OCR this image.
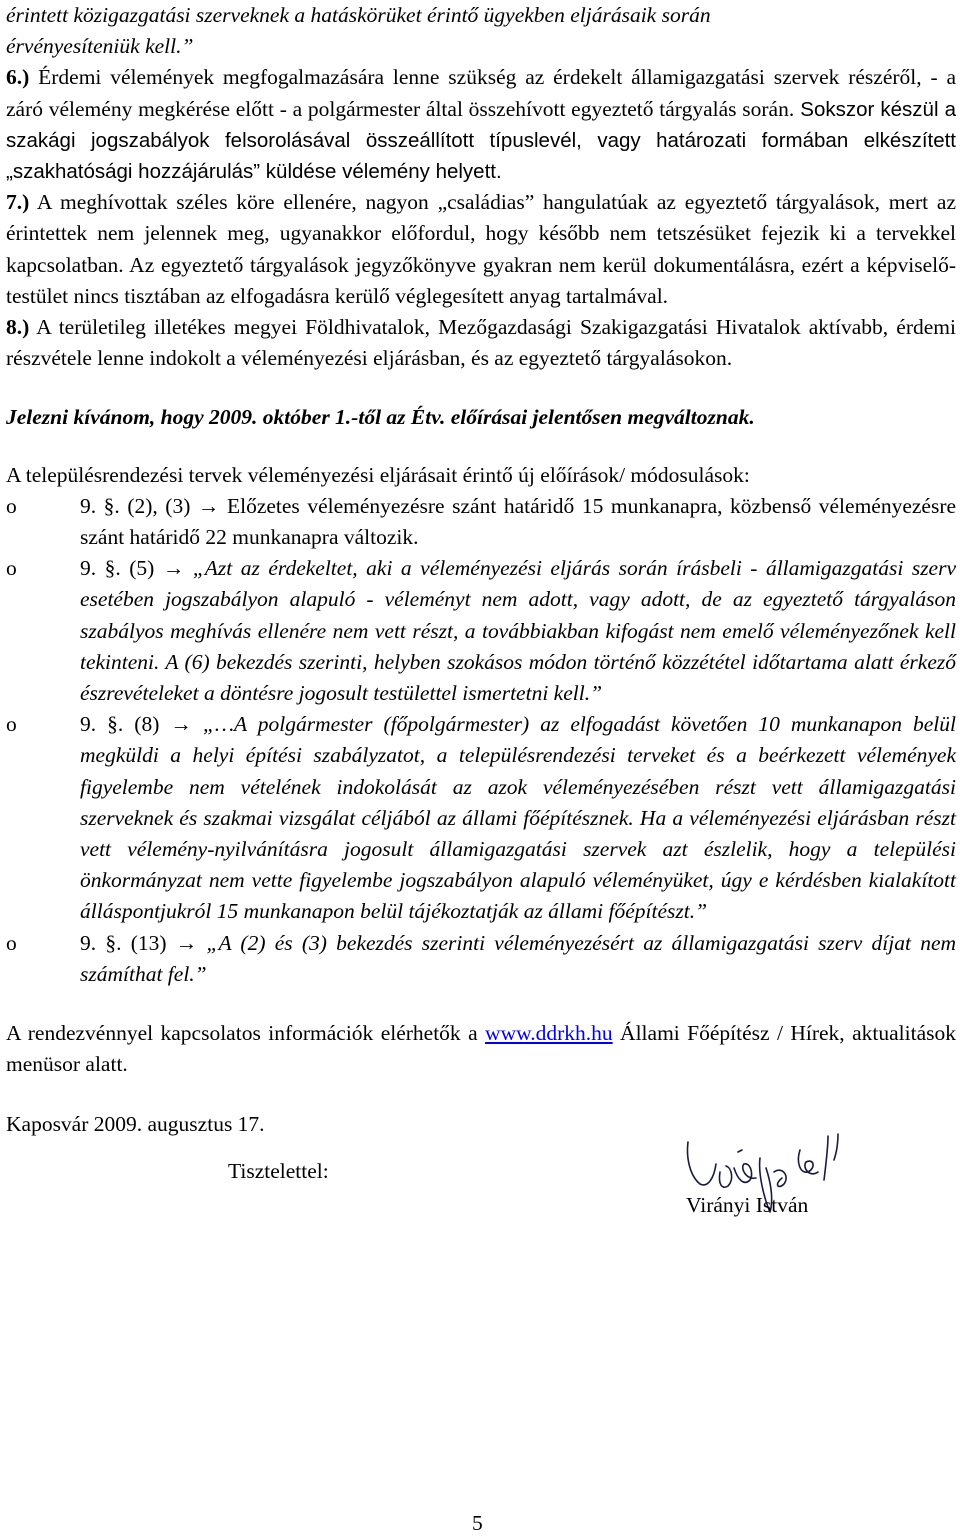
érintett közigazgatási szerveknek a hatáskörüket érintő ügyekben eljárásaik során
érvényesíteniük kell.”

6.) Érdemi vélemények megfogalmazására lenne szükség az érdekelt államigazgatási szervek részéről, - a záró vélemény megkérése előtt - a polgármester által összehívott egyeztető tárgyalás során. Sokszor készül a szakági jogszabályok felsorolásával összeállított típuslevél, vagy határozati formában elkészített „szakhatósági hozzájárulás” küldése vélemény helyett.

7.) A meghívottak széles köre ellenére, nagyon „családias” hangulatúak az egyeztető tárgyalások, mert az érintettek nem jelennek meg, ugyanakkor előfordul, hogy később nem tetszésüket fejezik ki a tervekkel kapcsolatban. Az egyeztető tárgyalások jegyzőkönyve gyakran nem kerül dokumentálásra, ezért a képviselő- testület nincs tisztában az elfogadásra kerülő véglegesített anyag tartalmával.

8.) A területileg illetékes megyei Földhivatalok, Mezőgazdasági Szakigazgatási Hivatalok aktívabb, érdemi részvétele lenne indokolt a véleményezési eljárásban, és az egyeztető tárgyalásokon.

Jelezni kívánom, hogy 2009. október 1.-től az Étv. előírásai jelentősen megváltoznak.

A településrendezési tervek véleményezési eljárásait érintő új előírások/ módosulások:

o	9. §. (2), (3) → Előzetes véleményezésre szánt határidő 15 munkanapra, közbenső véleményezésre szánt határidő 22 munkanapra változik.

o	9. §. (5) → „Azt az érdekeltet, aki a véleményezési eljárás során írásbeli - államigazgatási szerv esetében jogszabályon alapuló - véleményt nem adott, vagy adott, de az egyeztető tárgyaláson szabályos meghívás ellenére nem vett részt, a továbbiakban kifogást nem emelő véleményezőnek kell tekinteni. A (6) bekezdés szerinti, helyben szokásos módon történő közzététel időtartama alatt érkező észrevételeket a döntésre jogosult testülettel ismertetni kell.”

o	9. §. (8) → „…A polgármester (főpolgármester) az elfogadást követően 10 munkanapon belül megküldi a helyi építési szabályzatot, a településrendezési terveket és a beérkezett vélemények figyelembe nem vételének indokolását az azok véleményezésében részt vett államigazgatási szerveknek és szakmai vizsgálat céljából az állami főépítésznek. Ha a véleményezési eljárásban részt vett vélemény-nyilvánításra jogosult államigazgatási szervek azt észlelik, hogy a települési önkormányzat nem vette figyelembe jogszabályon alapuló véleményüket, úgy e kérdésben kialakított álláspontjukról 15 munkanapon belül tájékoztatják az állami főépítészt.”

o	9. §. (13) → „A (2) és (3) bekezdés szerinti véleményezésért az államigazgatási szerv díjat nem számíthat fel.”

A rendezvénnyel kapcsolatos információk elérhetők a www.ddrkh.hu Állami Főépítész / Hírek, aktualitások menüsor alatt.

Kaposvár 2009. augusztus 17.

Tisztelettel:
Virányi István
5
